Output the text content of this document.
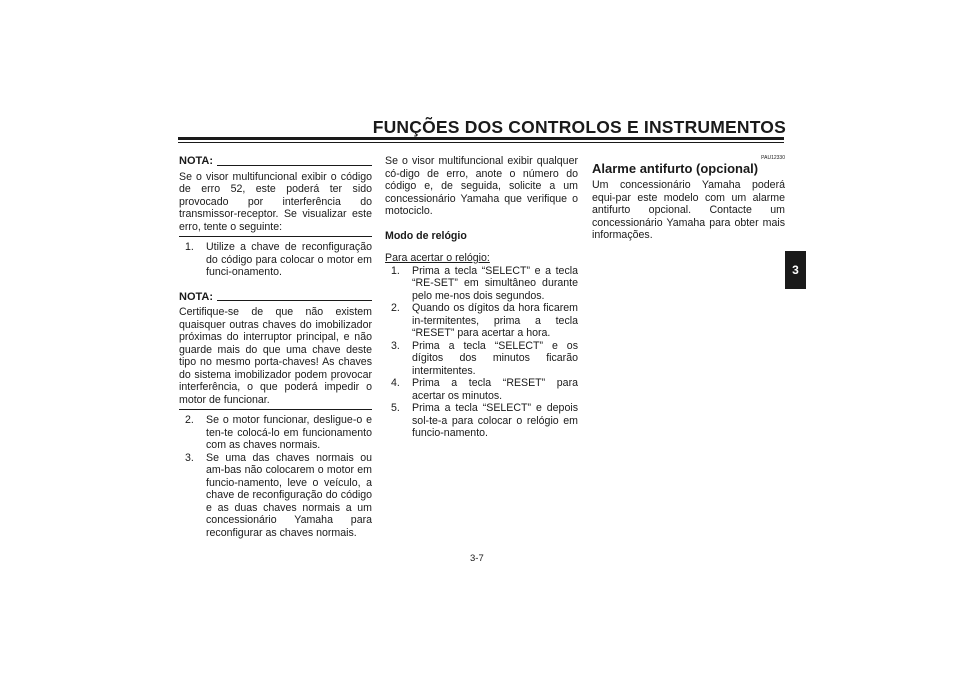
FUNÇÕES DOS CONTROLOS E INSTRUMENTOS
3
NOTA:

Se o visor multifuncional exibir o código de erro 52, este poderá ter sido provocado por interferência do transmissor-receptor. Se visualizar este erro, tente o seguinte:

1.	Utilize a chave de reconfiguração do código para colocar o motor em funci-onamento.
NOTA:

Certifique-se de que não existem quaisquer outras chaves do imobilizador próximas do interruptor principal, e não guarde mais do que uma chave deste tipo no mesmo porta-chaves! As chaves do sistema imobilizador podem provocar interferência, o que poderá impedir o motor de funcionar.

2.	Se o motor funcionar, desligue-o e ten-te colocá-lo em funcionamento com as chaves normais.
3.	Se uma das chaves normais ou am-bas não colocarem o motor em funcio-namento, leve o veículo, a chave de reconfiguração do código e as duas chaves normais a um concessionário Yamaha para reconfigurar as chaves normais.

Se o visor multifuncional exibir qualquer có-digo de erro, anote o número do código e, de seguida, solicite a um concessionário Yamaha que verifique o motociclo.

Modo de relógio
Para acertar o relógio:
1.	Prima a tecla “SELECT” e a tecla “RE-SET” em simultâneo durante pelo me-nos dois segundos.
2.	Quando os dígitos da hora ficarem in-termitentes, prima a tecla “RESET” para acertar a hora.
3.	Prima a tecla “SELECT” e os dígitos dos minutos ficarão intermitentes.
4.	Prima a tecla “RESET” para acertar os minutos.
5.	Prima a tecla “SELECT” e depois sol-te-a para colocar o relógio em funcio-namento.
PAU12330
Alarme antifurto (opcional)

Um concessionário Yamaha poderá equi-par este modelo com um alarme antifurto opcional. Contacte um concessionário Yamaha para obter mais informações.

3-7
